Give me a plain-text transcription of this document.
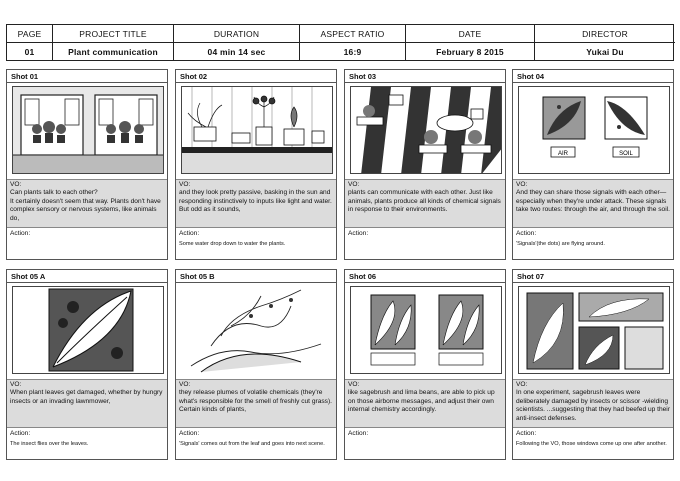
PAGE	PROJECT TITLE	DURATION	ASPECT RATIO	DATE	DIRECTOR
01	Plant communication	04 min 14 sec	16:9	February 8 2015	Yukai Du
Shot 01
VO:
Can plants talk to each other?
It certainly doesn't seem that way. Plants don't have complex sensory or nervous systems, like animals do,
Action:
Shot 02
VO:
and they look pretty passive, basking in the sun and responding instinctively to inputs like light and water.
But odd as it sounds,
Action:
Some water drop down to water the plants.
Shot 03
VO:
plants can communicate with each other. Just like animals, plants produce all kinds of chemical signals in response to their environments.
Action:
Shot 04
AIR	SOIL
VO:
And they can share those signals with each other—especially when they're under attack. These signals take two routes: through the air, and through the soil.
Action:
'Signals'(the dots) are flying around.
Shot 05 A
VO:
When plant leaves get damaged, whether by hungry insects or an invading lawnmower,
Action:
The insect flies over the leaves.
Shot 05 B
VO:
they release plumes of volatile chemicals (they're what's responsible for the smell of freshly cut grass). Certain kinds of plants,
Action:
'Signals' comes out from the leaf and goes into next scene.
Shot 06
VO:
like sagebrush and lima beans, are able to pick up on those airborne messages, and adjust their own internal chemistry accordingly.
Action:
Shot 07
VO:
In one experiment, sagebrush leaves were deliberately damaged by insects or scissor -wielding scientists. ...suggesting that they had beefed up their anti-insect defenses.
Action:
Following the VO, those windows come up one after another.
